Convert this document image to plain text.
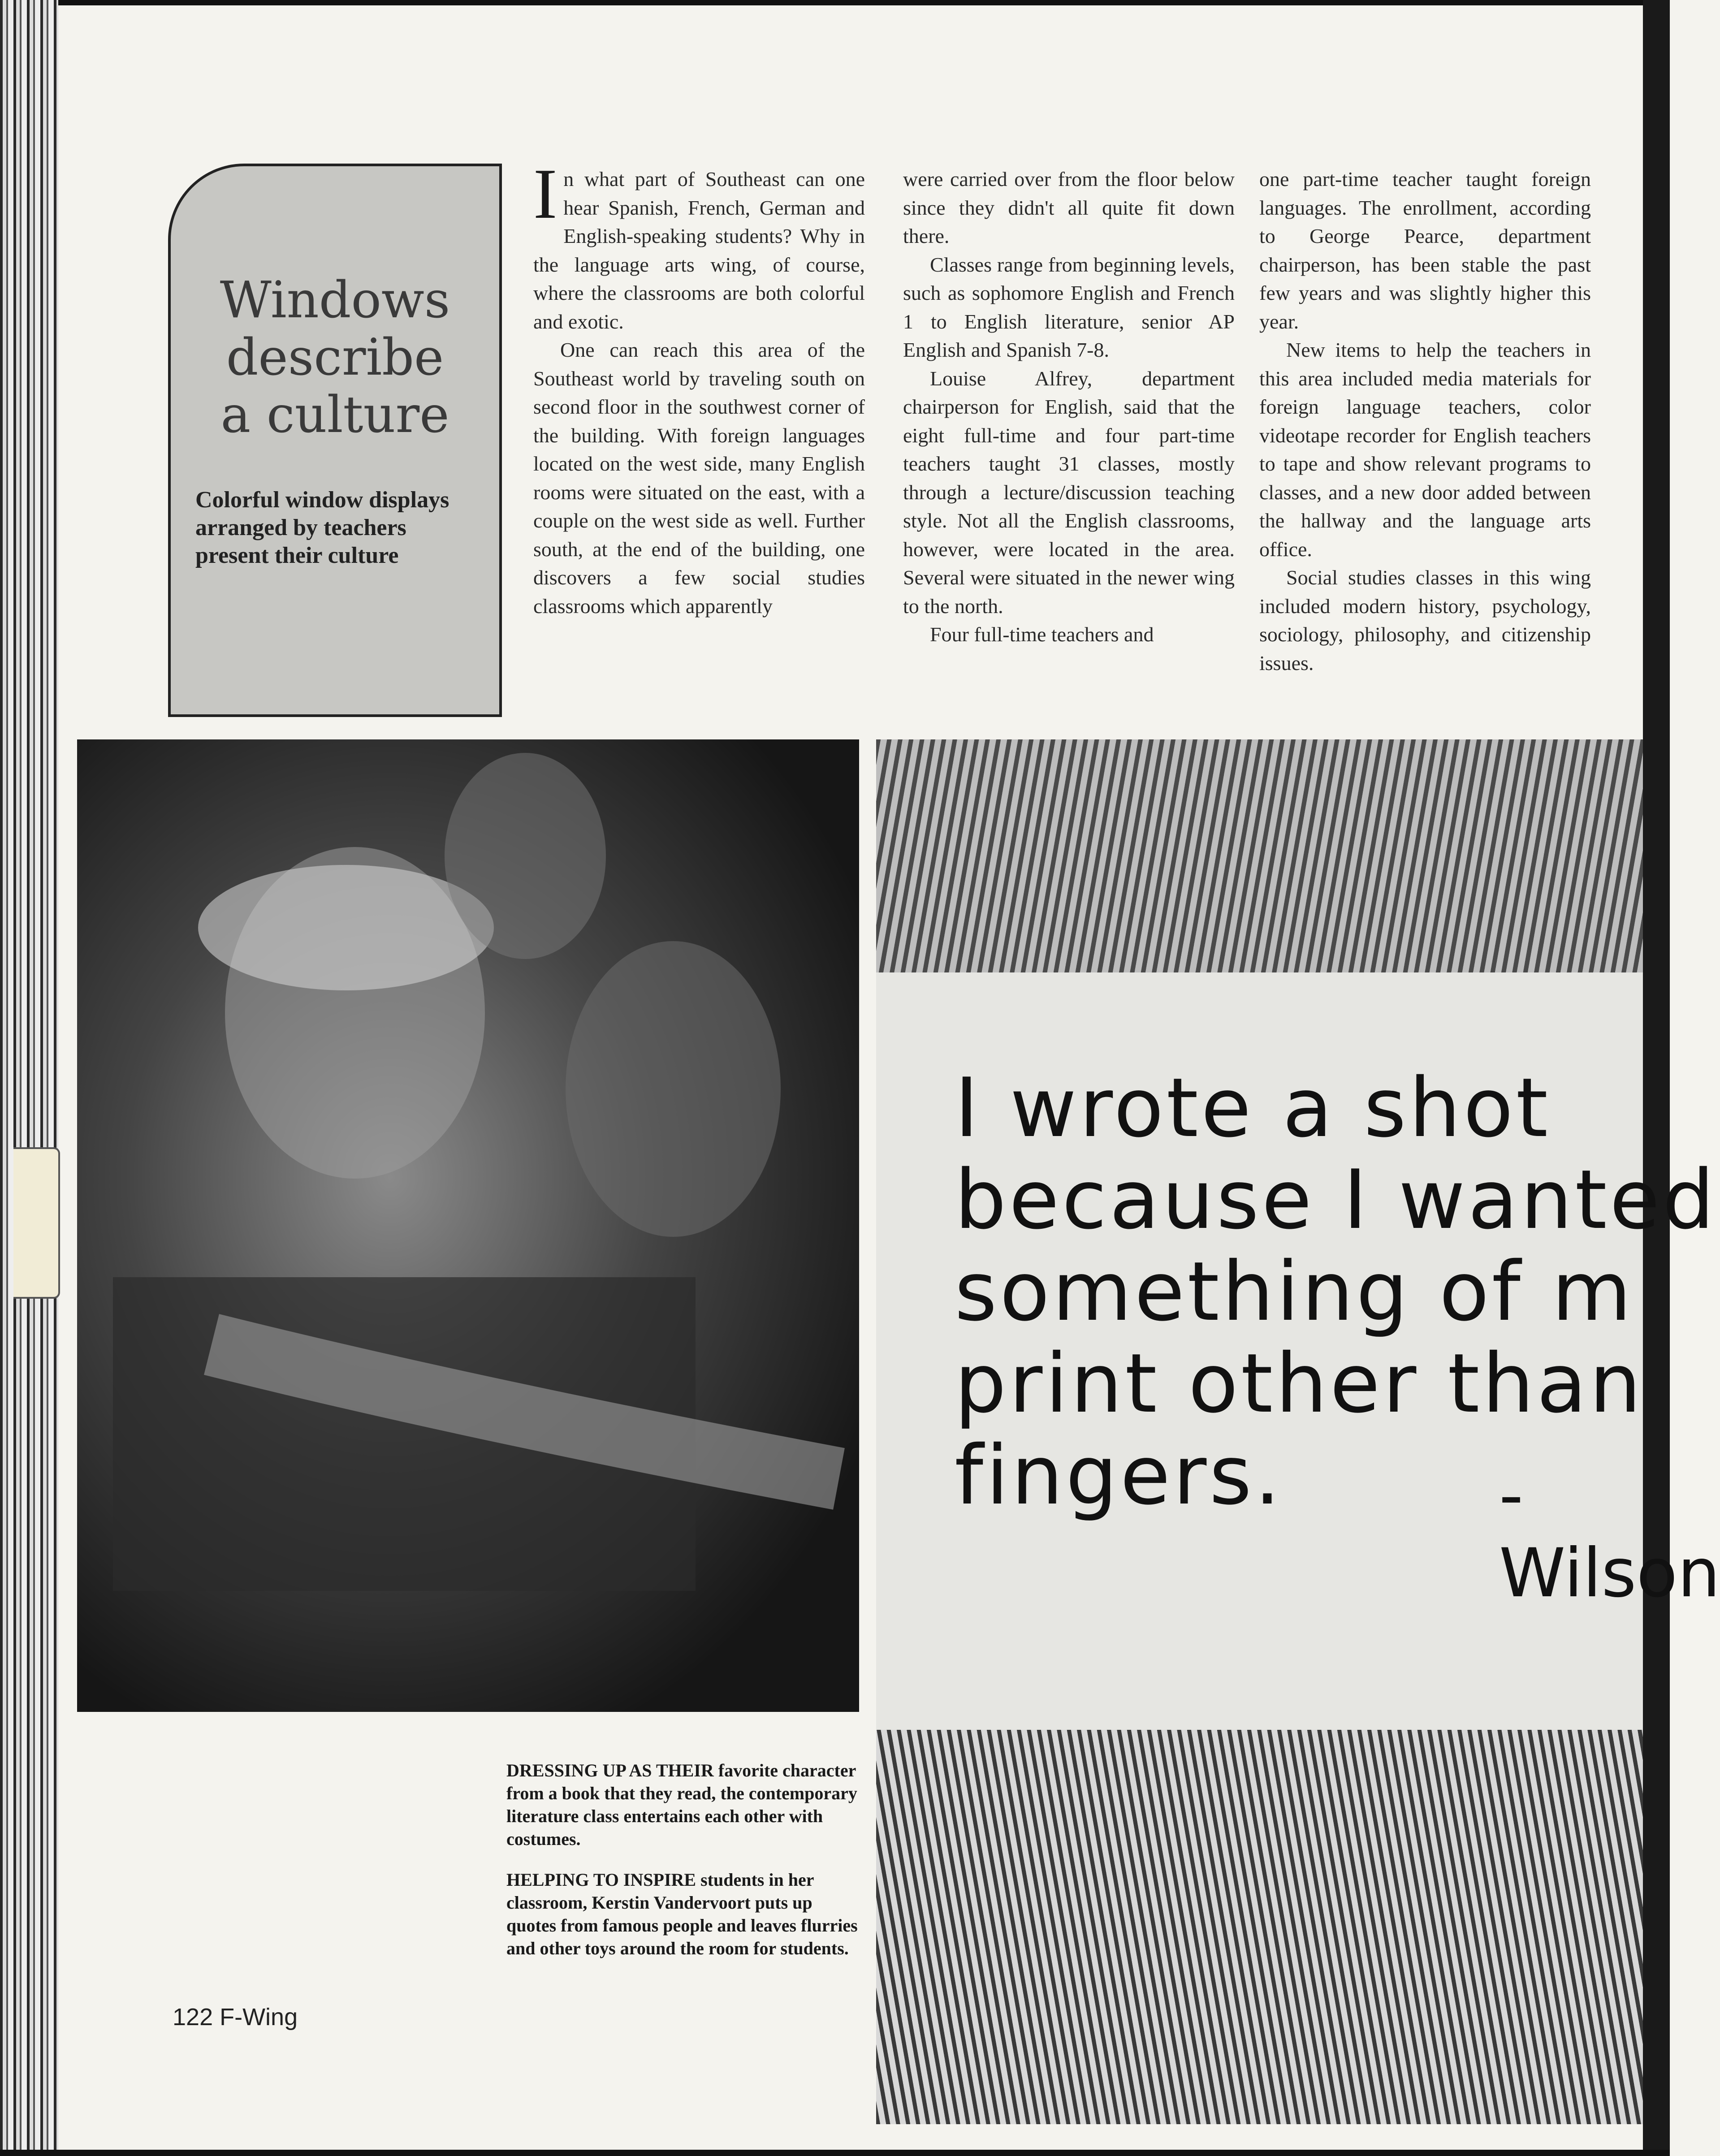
Windows
describe
a culture
Colorful window displays arranged by teachers present their culture

In what part of Southeast can one hear Spanish, French, German and English-speaking students? Why in the language arts wing, of course, where the classrooms are both colorful and exotic.

One can reach this area of the Southeast world by traveling south on second floor in the southwest corner of the building. With foreign languages located on the west side, many English rooms were situated on the east, with a couple on the west side as well. Further south, at the end of the building, one discovers a few social studies classrooms which apparently

were carried over from the floor below since they didn't all quite fit down there.

Classes range from beginning levels, such as sophomore English and French 1 to English literature, senior AP English and Spanish 7-8.

Louise Alfrey, department chairperson for English, said that the eight full-time and four part-time teachers taught 31 classes, mostly through a lecture/discussion teaching style. Not all the English classrooms, however, were located in the area. Several were situated in the newer wing to the north.

Four full-time teachers and

one part-time teacher taught foreign languages. The enrollment, according to George Pearce, department chairperson, has been stable the past few years and was slightly higher this year.

New items to help the teachers in this area included media materials for foreign language teachers, color videotape recorder for English teachers to tape and show relevant programs to classes, and a new door added between the hallway and the language arts office.

Social studies classes in this wing included modern history, psychology, sociology, philosophy, and citizenship issues.

I wrote a shot
because I wanted
something of m
print other than
fingers.	-Wilson

DRESSING UP AS THEIR favorite character from a book that they read, the contemporary literature class entertains each other with costumes.

HELPING TO INSPIRE students in her classroom, Kerstin Vandervoort puts up quotes from famous people and leaves flurries and other toys around the room for students.

122 F-Wing
